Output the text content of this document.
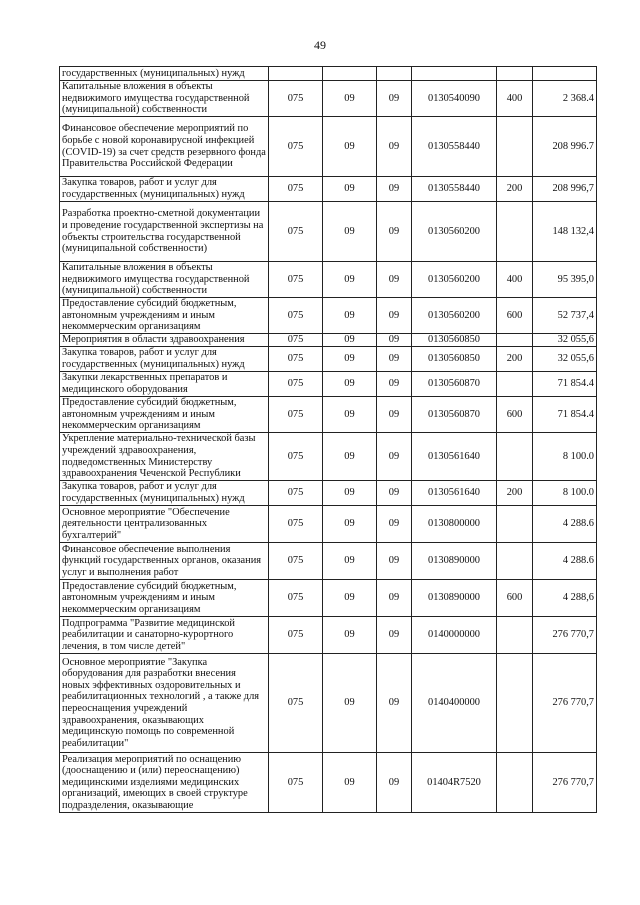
49
государственных (муниципальных) нужд						
Капитальные вложения в объекты недвижимого имущества государственной (муниципальной) собственности	075	09	09	0130540090	400	2 368.4
Финансовое обеспечение мероприятий по борьбе с новой коронавирусной инфекцией (COVID-19) за счет средств резервного фонда Правительства Российской Федерации	075	09	09	0130558440		208 996.7
Закупка товаров, работ и услуг для государственных (муниципальных) нужд	075	09	09	0130558440	200	208 996,7
Разработка проектно-сметной документации и проведение государственной экспертизы на объекты строительства государственной (муниципальной собственности)	075	09	09	0130560200		148 132,4
Капитальные вложения в объекты недвижимого имущества государственной (муниципальной) собственности	075	09	09	0130560200	400	95 395,0
Предоставление субсидий бюджетным, автономным учреждениям и иным некоммерческим организациям	075	09	09	0130560200	600	52 737,4
Мероприятия в области здравоохранения	075	09	09	0130560850		32 055,6
Закупка товаров, работ и услуг для государственных (муниципальных) нужд	075	09	09	0130560850	200	32 055,6
Закупки лекарственных препаратов и медицинского оборудования	075	09	09	0130560870		71 854.4
Предоставление субсидий бюджетным, автономным учреждениям и иным некоммерческим организациям	075	09	09	0130560870	600	71 854.4
Укрепление материально-технической базы учреждений здравоохранения, подведомственных Министерству здравоохранения Чеченской Республики	075	09	09	0130561640		8 100.0
Закупка товаров, работ и услуг для государственных (муниципальных) нужд	075	09	09	0130561640	200	8 100.0
Основное мероприятие "Обеспечение деятельности централизованных бухгалтерий"	075	09	09	0130800000		4 288.6
Финансовое обеспечение выполнения функций государственных органов, оказания услуг и выполнения работ	075	09	09	0130890000		4 288.6
Предоставление субсидий бюджетным, автономным учреждениям и иным некоммерческим организациям	075	09	09	0130890000	600	4 288,6
Подпрограмма "Развитие медицинской реабилитации и санаторно-курортного лечения, в том числе детей"	075	09	09	0140000000		276 770,7
Основное мероприятие "Закупка оборудования для разработки внесения новых эффективных оздоровительных и реабилитационных технологий , а также для переоснащения учреждений здравоохранения, оказывающих медицинскую помощь по современной реабилитации"	075	09	09	0140400000		276 770,7
Реализация мероприятий по оснащению (дооснащению и (или) переоснащению) медицинскими изделиями медицинских организаций, имеющих в своей структуре подразделения, оказывающие	075	09	09	01404R7520		276 770,7
